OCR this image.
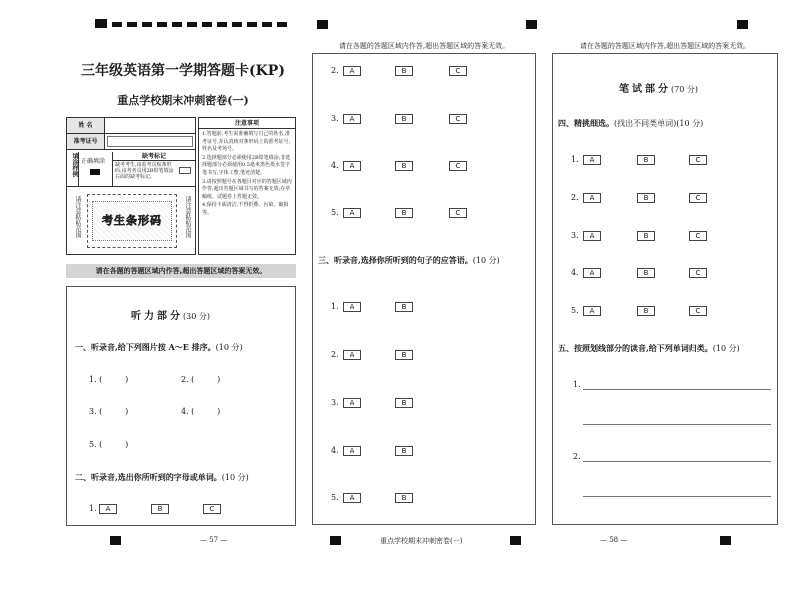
三年级英语第一学期答题卡(KP)
重点学校期末冲刺密卷(一)
姓 名
准考证号
填涂样例 正确填涂
缺考标记
缺考考生,由监考员贴条形码,由考务员用2B铅笔填涂右面的缺考标记。
请注意粘贴范围	考生条形码	请注意粘贴范围
注意事项
1.答题前,考生需准确填写自己的姓名,准考证号,并认真核对条形码上的准考证号,姓名及考场号。
2.选择题部分必须使用2B铅笔填涂;非选择题部分必须使用0.5毫米黑色墨水签字笔书写,字体工整,笔迹清楚。
3.请按照题号在各题目对应的答题区域内作答,超出答题区域书写的答案无效;在草稿纸、试题卷上答题无效。
4.保持卡面清洁,不得折叠、污染、破损等。
请在各题的答题区域内作答,超出答题区域的答案无效。
听力部分(30 分)
一、听录音,给下列图片按 A～E 排序。(10 分)
1. (         )	2. (         )
3. (         )	4. (         )
5. (         )
二、听录音,选出你所听到的字母或单词。(10 分)
1.	A	B	C
— 57 —
请在各题的答题区域内作答,超出答题区域的答案无效。
2.	A	B	C
3.	A	B	C
4.	A	B	C
5.	A	B	C
三、听录音,选择你所听到的句子的应答语。(10 分)
1.	A	B
2.	A	B
3.	A	B
4.	A	B
5.	A	B
重点学校期末冲刺密卷(一)
请在各题的答题区域内作答,超出答题区域的答案无效。
笔试部分(70 分)
四、精挑细选。(找出不同类单词)(10 分)
1.	A	B	C
2.	A	B	C
3.	A	B	C
4.	A	B	C
5.	A	B	C
五、按照划线部分的读音,给下列单词归类。(10 分)
1.
2.
— 58 —
